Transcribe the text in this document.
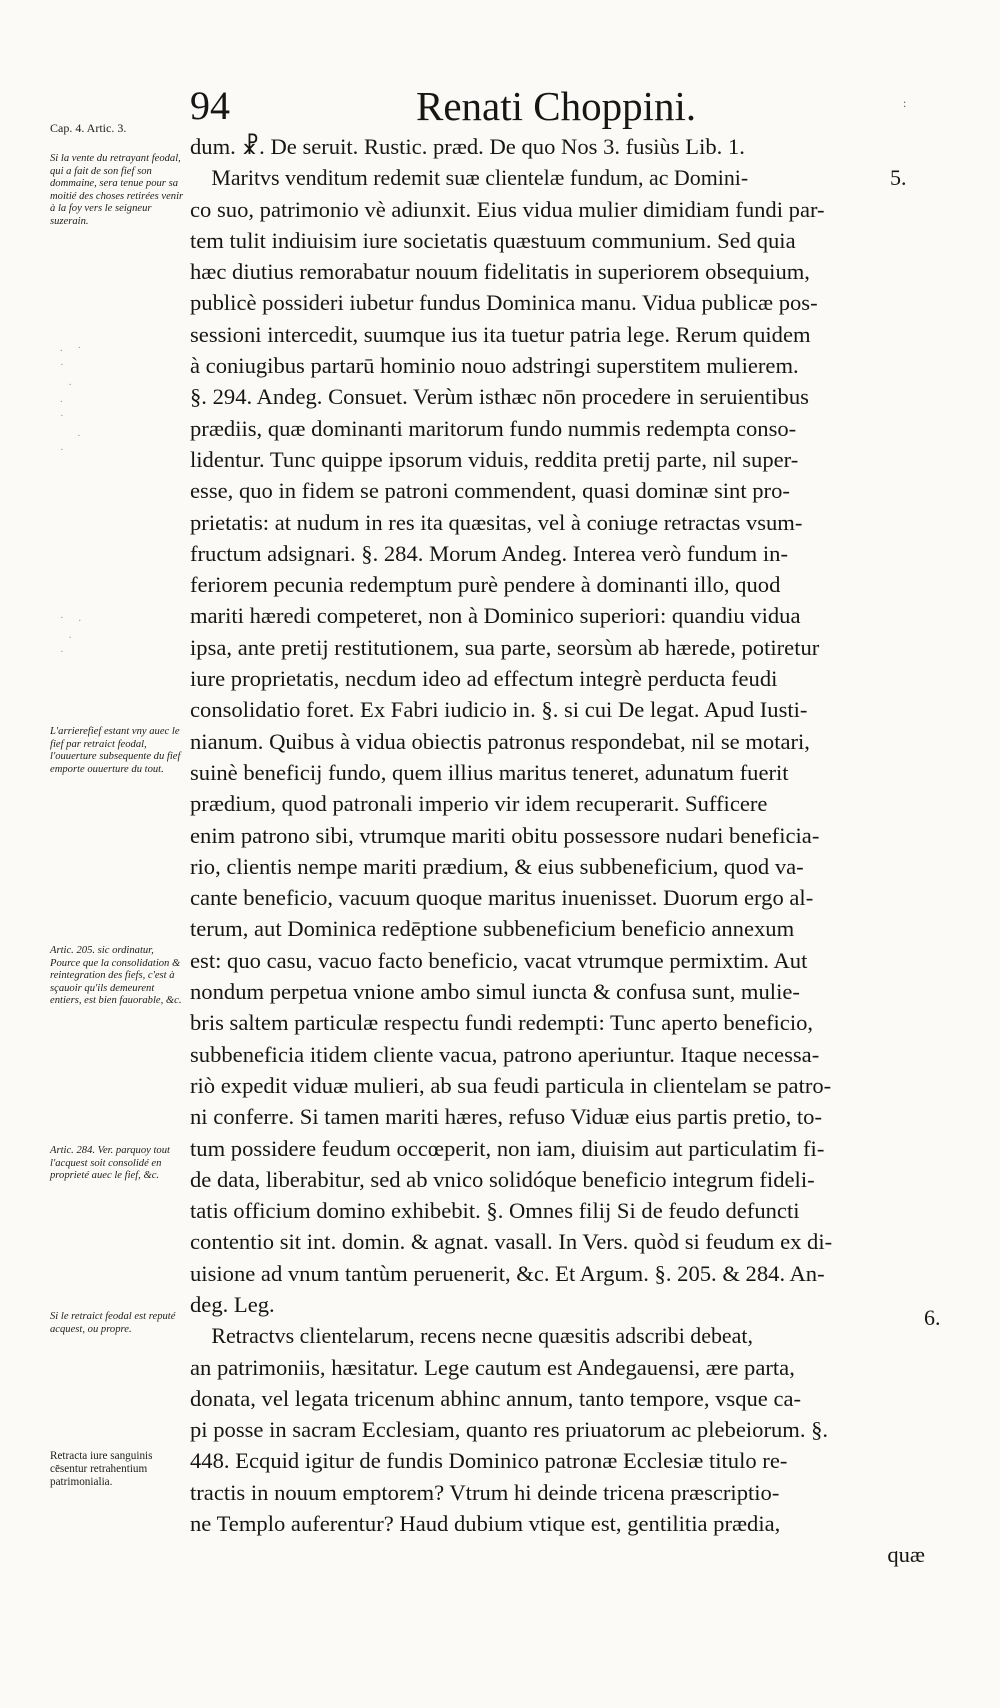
94	Renati Choppini.	:
Cap. 4. Artic. 3.
Si la vente du retrayant feodal, qui a fait de son fief son dommaine, sera tenue pour sa moitié des choses retirées venir à la foy vers le seigneur suzerain.
L'arrierefief estant vny auec le fief par retraict feodal, l'ouuerture subsequente du fief emporte ouuerture du tout.
Artic. 205. sic ordinatur, Pource que la consolidation & reintegration des fiefs, c'est à sçauoir qu'ils demeurent entiers, est bien fauorable, &c.
Artic. 284. Ver. parquoy tout l'acquest soit consolidé en proprieté auec le fief, &c.
Si le retraict feodal est reputé acquest, ou propre.
Retracta iure sanguinis cēsentur retrahentium patrimonialia.
. ·
·
.
.
·
.
·
· .
.
·
5.
6.
dum. ☧. De seruit. Rustic. præd. De quo Nos 3. fusiùs Lib. 1.
Maritvs venditum redemit suæ clientelæ fundum, ac Domini-
co suo, patrimonio vè adiunxit. Eius vidua mulier dimidiam fundi par-
tem tulit indiuisim iure societatis quæstuum communium. Sed quia
hæc diutius remorabatur nouum fidelitatis in superiorem obsequium,
publicè possideri iubetur fundus Dominica manu. Vidua publicæ pos-
sessioni intercedit, suumque ius ita tuetur patria lege. Rerum quidem
à coniugibus partarū hominio nouo adstringi superstitem mulierem.
§. 294. Andeg. Consuet. Verùm isthæc nōn procedere in seruientibus
prædiis, quæ dominanti maritorum fundo nummis redempta conso-
lidentur. Tunc quippe ipsorum viduis, reddita pretij parte, nil super-
esse, quo in fidem se patroni commendent, quasi dominæ sint pro-
prietatis: at nudum in res ita quæsitas, vel à coniuge retractas vsum-
fructum adsignari. §. 284. Morum Andeg. Interea verò fundum in-
feriorem pecunia redemptum purè pendere à dominanti illo, quod
mariti hæredi competeret, non à Dominico superiori: quandiu vidua
ipsa, ante pretij restitutionem, sua parte, seorsùm ab hærede, potiretur
iure proprietatis, necdum ideo ad effectum integrè perducta feudi
consolidatio foret. Ex Fabri iudicio in. §. si cui De legat. Apud Iusti-
nianum. Quibus à vidua obiectis patronus respondebat, nil se motari,
suinè beneficij fundo, quem illius maritus teneret, adunatum fuerit
prædium, quod patronali imperio vir idem recuperarit. Sufficere
enim patrono sibi, vtrumque mariti obitu possessore nudari beneficia-
rio, clientis nempe mariti prædium, & eius subbeneficium, quod va-
cante beneficio, vacuum quoque maritus inuenisset. Duorum ergo al-
terum, aut Dominica redēptione subbeneficium beneficio annexum
est: quo casu, vacuo facto beneficio, vacat vtrumque permixtim. Aut
nondum perpetua vnione ambo simul iuncta & confusa sunt, mulie-
bris saltem particulæ respectu fundi redempti: Tunc aperto beneficio,
subbeneficia itidem cliente vacua, patrono aperiuntur. Itaque necessa-
riò expedit viduæ mulieri, ab sua feudi particula in clientelam se patro-
ni conferre. Si tamen mariti hæres, refuso Viduæ eius partis pretio, to-
tum possidere feudum occœperit, non iam, diuisim aut particulatim fi-
de data, liberabitur, sed ab vnico solidóque beneficio integrum fideli-
tatis officium domino exhibebit. §. Omnes filij Si de feudo defuncti
contentio sit int. domin. & agnat. vasall. In Vers. quòd si feudum ex di-
uisione ad vnum tantùm peruenerit, &c. Et Argum. §. 205. & 284. An-
deg. Leg.
Retractvs clientelarum, recens necne quæsitis adscribi debeat,
an patrimoniis, hæsitatur. Lege cautum est Andegauensi, ære parta,
donata, vel legata tricenum abhinc annum, tanto tempore, vsque ca-
pi posse in sacram Ecclesiam, quanto res priuatorum ac plebeiorum. §.
448. Ecquid igitur de fundis Dominico patronæ Ecclesiæ titulo re-
tractis in nouum emptorem? Vtrum hi deinde tricena præscriptio-
ne Templo auferentur? Haud dubium vtique est, gentilitia prædia,
quæ
